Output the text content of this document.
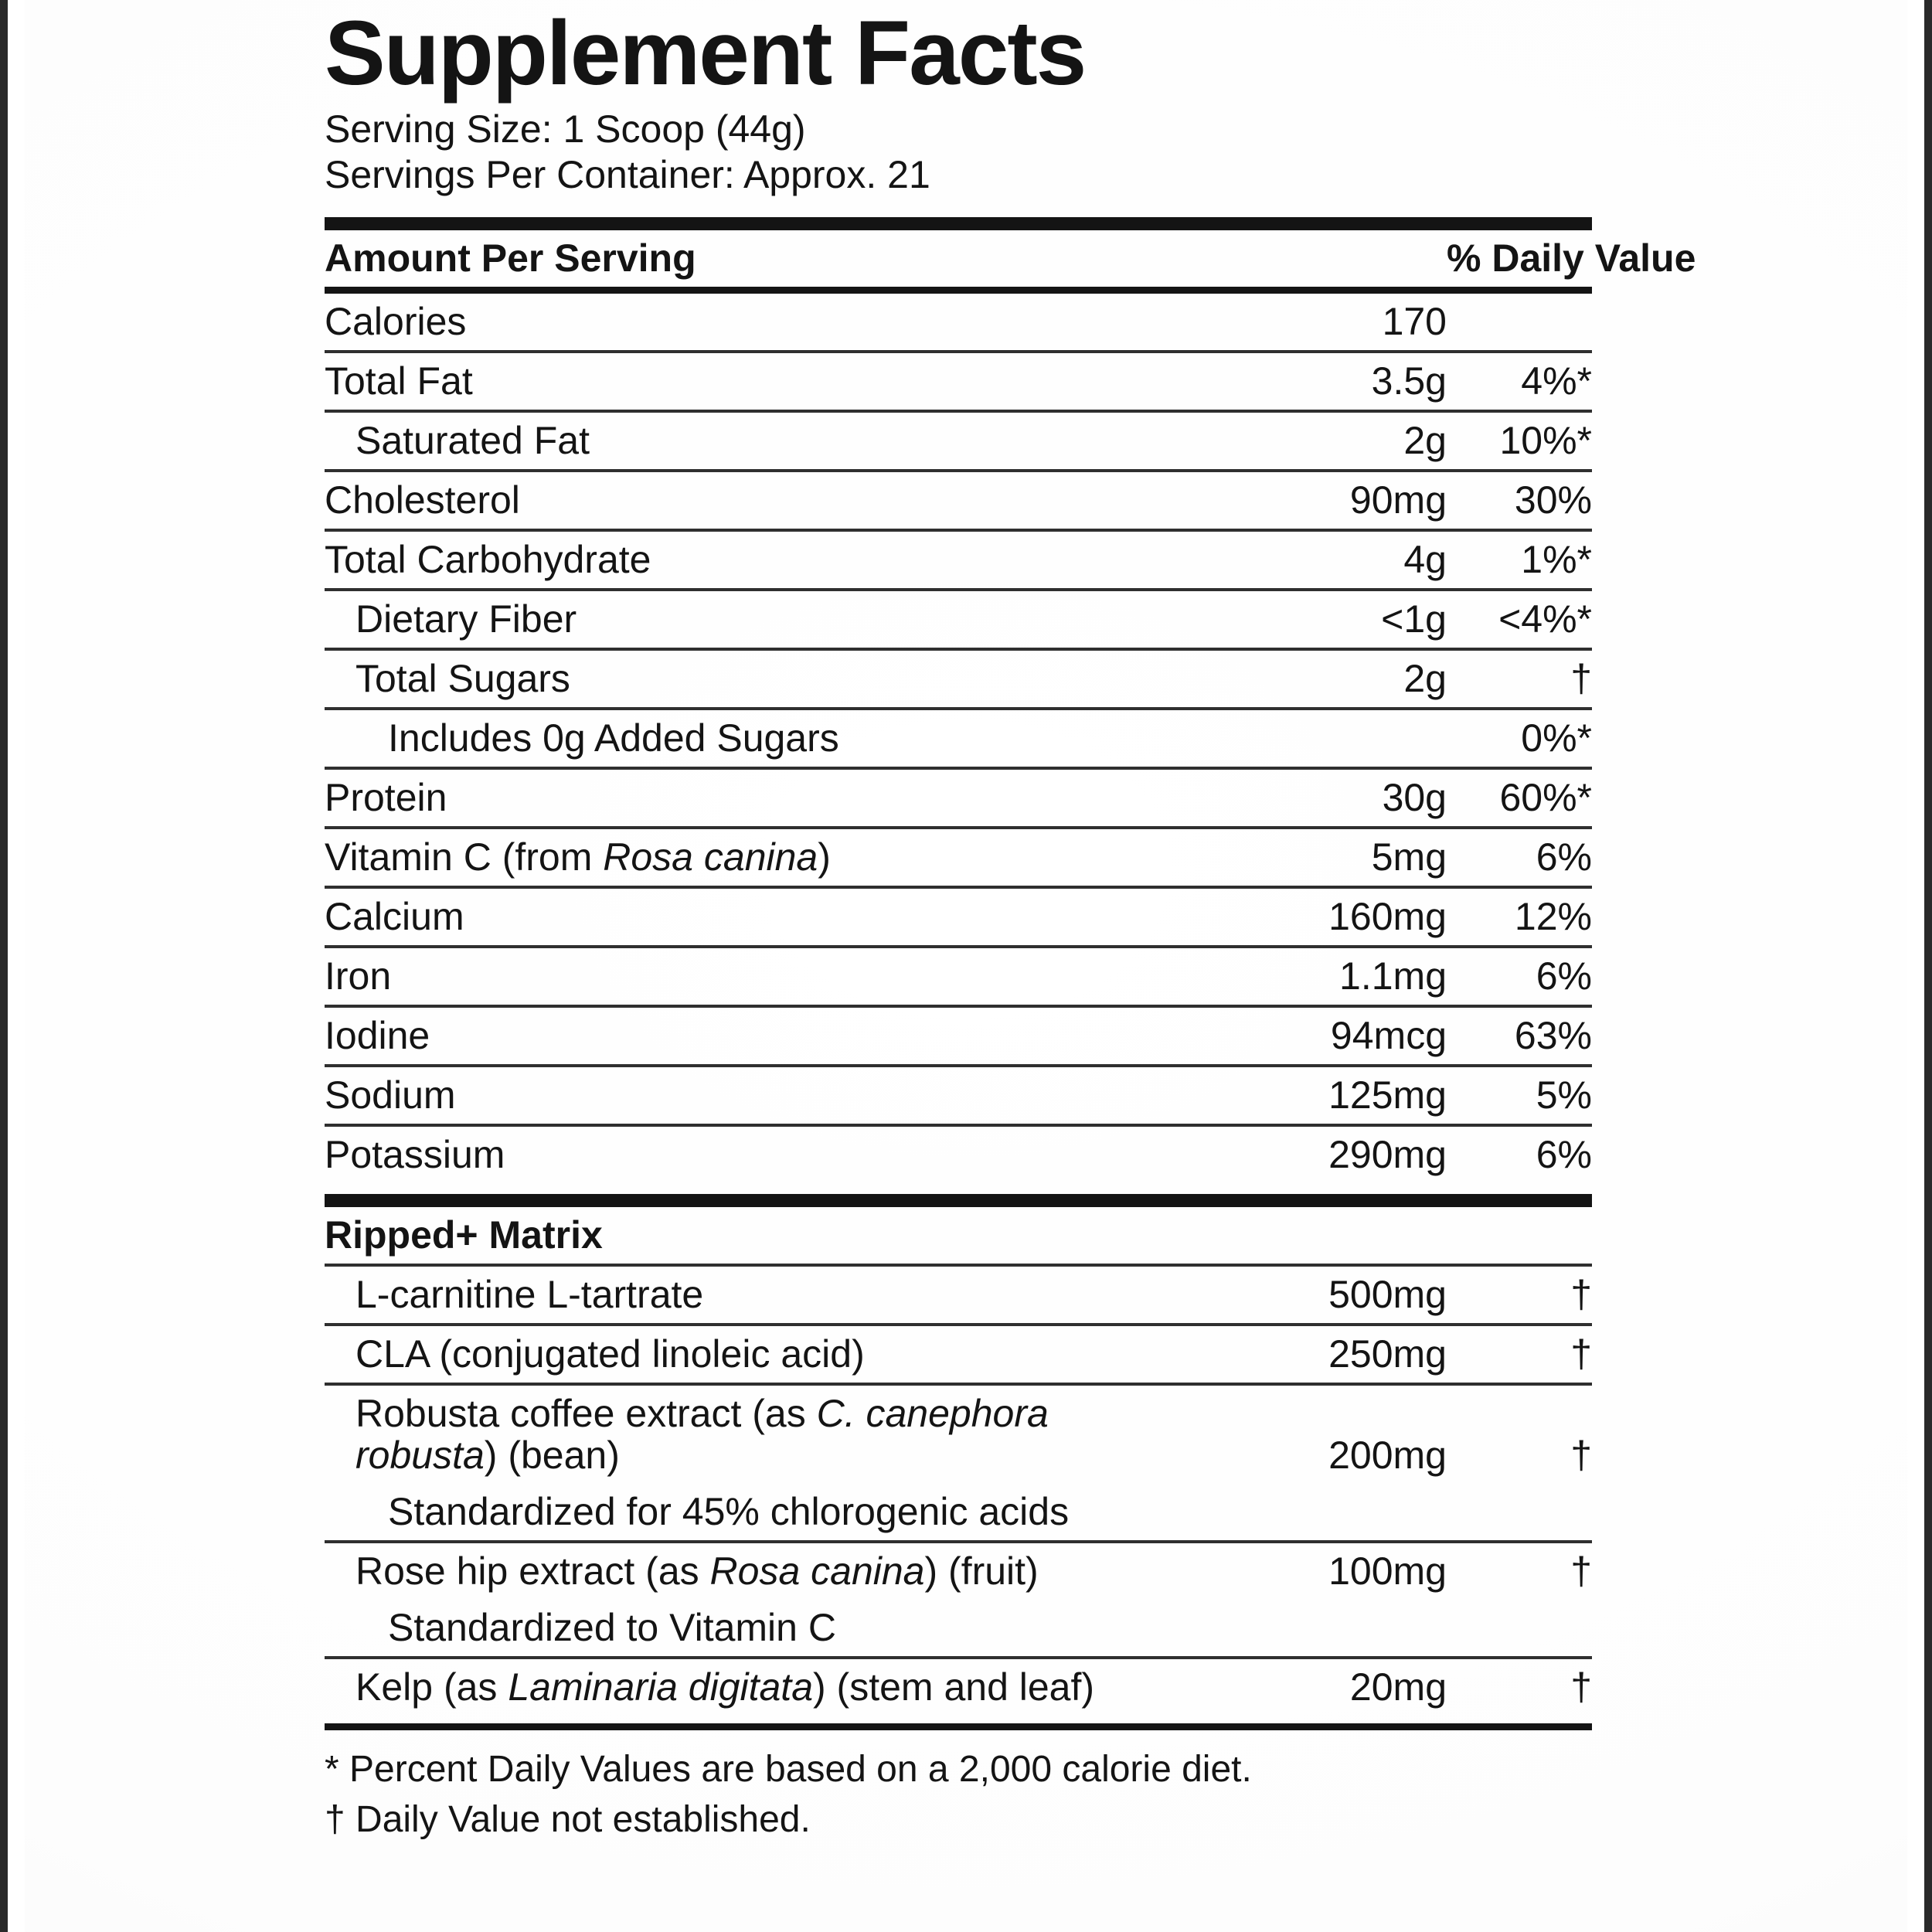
Supplement Facts
Serving Size: 1 Scoop (44g)
Servings Per Container: Approx. 21
Amount Per Serving		% Daily Value
Calories	170	
Total Fat	3.5g	4%*
Saturated Fat	2g	10%*
Cholesterol	90mg	30%
Total Carbohydrate	4g	1%*
Dietary Fiber	<1g	<4%*
Total Sugars	2g	†
Includes 0g Added Sugars		0%*
Protein	30g	60%*
Vitamin C (from Rosa canina)	5mg	6%
Calcium	160mg	12%
Iron	1.1mg	6%
Iodine	94mcg	63%
Sodium	125mg	5%
Potassium	290mg	6%
Ripped+ Matrix		
L-carnitine L-tartrate	500mg	†
CLA (conjugated linoleic acid)	250mg	†
Robusta coffee extract (as C. canephora robusta) (bean)	200mg	†
Standardized for 45% chlorogenic acids		
Rose hip extract (as Rosa canina) (fruit)	100mg	†
Standardized to Vitamin C		
Kelp (as Laminaria digitata) (stem and leaf)	20mg	†
* Percent Daily Values are based on a 2,000 calorie diet.
† Daily Value not established.
